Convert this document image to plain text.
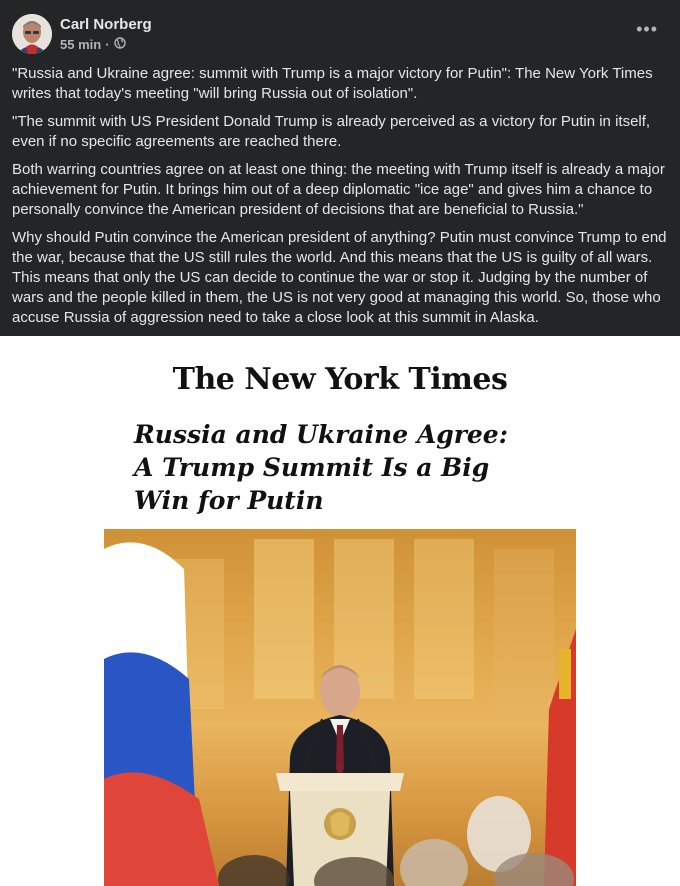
Carl Norberg
55 min ·
•••

"Russia and Ukraine agree: summit with Trump is a major victory for Putin": The New York Times writes that today's meeting "will bring Russia out of isolation".

"The summit with US President Donald Trump is already perceived as a victory for Putin in itself, even if no specific agreements are reached there.

Both warring countries agree on at least one thing: the meeting with Trump itself is already a major achievement for Putin. It brings him out of a deep diplomatic "ice age" and gives him a chance to personally convince the American president of decisions that are beneficial to Russia."

Why should Putin convince the American president of anything? Putin must convince Trump to end the war, because that the US still rules the world. And this means that the US is guilty of all wars. This means that only the US can decide to continue the war or stop it. Judging by the number of wars and the people killed in them, the US is not very good at managing this world. So, those who accuse Russia of aggression need to take a close look at this summit in Alaska.

The New York Times
Russia and Ukraine Agree: A Trump Summit Is a Big Win for Putin
